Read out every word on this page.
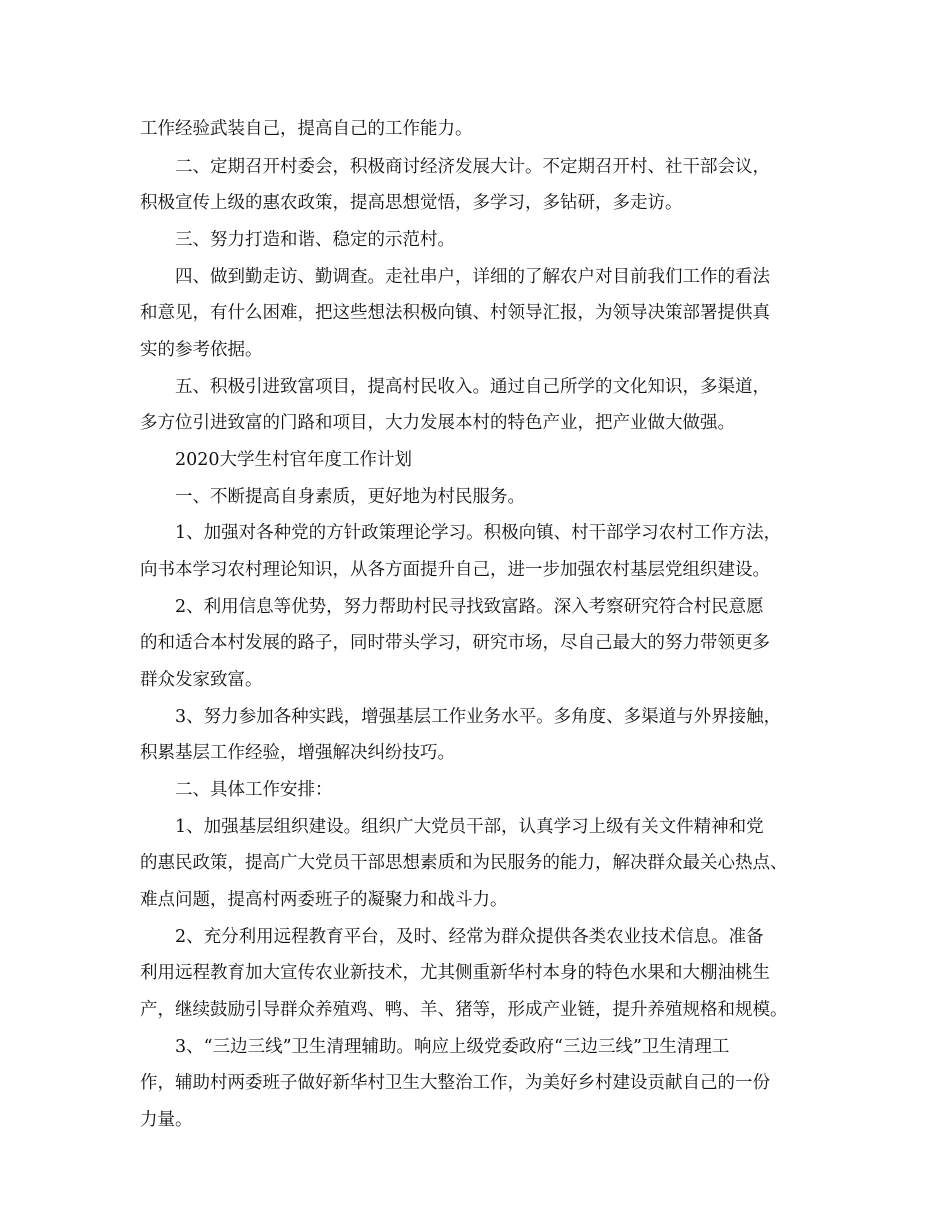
工作经验武装自己，提高自己的工作能力。

二、定期召开村委会，积极商讨经济发展大计。不定期召开村、社干部会议，

积极宣传上级的惠农政策，提高思想觉悟，多学习，多钻研，多走访。

三、努力打造和谐、稳定的示范村。

四、做到勤走访、勤调查。走社串户，详细的了解农户对目前我们工作的看法

和意见，有什么困难，把这些想法积极向镇、村领导汇报，为领导决策部署提供真

实的参考依据。

五、积极引进致富项目，提高村民收入。通过自己所学的文化知识，多渠道，

多方位引进致富的门路和项目，大力发展本村的特色产业，把产业做大做强。

2020大学生村官年度工作计划

一、不断提高自身素质，更好地为村民服务。

1、加强对各种党的方针政策理论学习。积极向镇、村干部学习农村工作方法，

向书本学习农村理论知识，从各方面提升自己，进一步加强农村基层党组织建设。

2、利用信息等优势，努力帮助村民寻找致富路。深入考察研究符合村民意愿

的和适合本村发展的路子，同时带头学习，研究市场，尽自己最大的努力带领更多

群众发家致富。

3、努力参加各种实践，增强基层工作业务水平。多角度、多渠道与外界接触，

积累基层工作经验，增强解决纠纷技巧。

二、具体工作安排：

1、加强基层组织建设。组织广大党员干部，认真学习上级有关文件精神和党

的惠民政策，提高广大党员干部思想素质和为民服务的能力，解决群众最关心热点、

难点问题，提高村两委班子的凝聚力和战斗力。

2、充分利用远程教育平台，及时、经常为群众提供各类农业技术信息。准备

利用远程教育加大宣传农业新技术，尤其侧重新华村本身的特色水果和大棚油桃生

产，继续鼓励引导群众养殖鸡、鸭、羊、猪等，形成产业链，提升养殖规格和规模。

3、“三边三线”卫生清理辅助。响应上级党委政府“三边三线”卫生清理工

作，辅助村两委班子做好新华村卫生大整治工作，为美好乡村建设贡献自己的一份

力量。
